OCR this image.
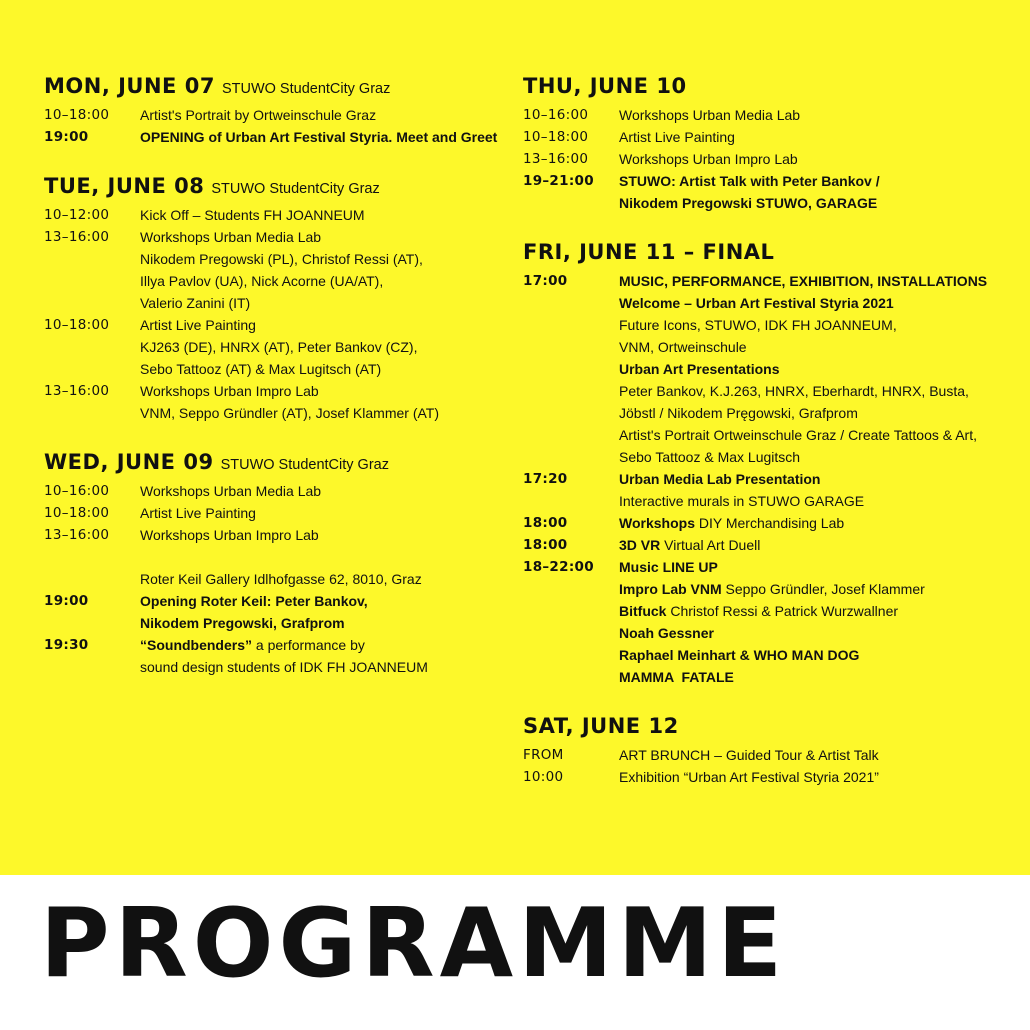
MON, JUNE 07 STUWO StudentCity Graz
10–18:00	Artist's Portrait by Ortweinschule Graz
19:00	OPENING of Urban Art Festival Styria. Meet and Greet
TUE, JUNE 08 STUWO StudentCity Graz
10–12:00	Kick Off – Students FH JOANNEUM
13–16:00	Workshops Urban Media Lab
Nikodem Pregowski (PL), Christof Ressi (AT),
Illya Pavlov (UA), Nick Acorne (UA/AT),
Valerio Zanini (IT)
10–18:00	Artist Live Painting
KJ263 (DE), HNRX (AT), Peter Bankov (CZ),
Sebo Tattooz (AT) & Max Lugitsch (AT)
13–16:00	Workshops Urban Impro Lab
VNM, Seppo Gründler (AT), Josef Klammer (AT)
WED, JUNE 09 STUWO StudentCity Graz
10–16:00	Workshops Urban Media Lab
10–18:00	Artist Live Painting
13–16:00	Workshops Urban Impro Lab
Roter Keil Gallery Idlhofgasse 62, 8010, Graz
19:00	Opening Roter Keil: Peter Bankov,
Nikodem Pregowski, Grafprom
19:30	“Soundbenders” a performance by
sound design students of IDK FH JOANNEUM
THU, JUNE 10
10–16:00	Workshops Urban Media Lab
10–18:00	Artist Live Painting
13–16:00	Workshops Urban Impro Lab
19–21:00	STUWO: Artist Talk with Peter Bankov /
Nikodem Pregowski STUWO, GARAGE
FRI, JUNE 11 – FINAL
17:00	MUSIC, PERFORMANCE, EXHIBITION, INSTALLATIONS
Welcome – Urban Art Festival Styria 2021
Future Icons, STUWO, IDK FH JOANNEUM,
VNM, Ortweinschule
Urban Art Presentations
Peter Bankov, K.J.263, HNRX, Eberhardt, HNRX, Busta,
Jöbstl / Nikodem Pręgowski, Grafprom
Artist's Portrait Ortweinschule Graz / Create Tattoos & Art,
Sebo Tattooz & Max Lugitsch
17:20	Urban Media Lab Presentation
Interactive murals in STUWO GARAGE
18:00	Workshops DIY Merchandising Lab
18:00	3D VR Virtual Art Duell
18–22:00	Music LINE UP
Impro Lab VNM Seppo Gründler, Josef Klammer
Bitfuck Christof Ressi & Patrick Wurzwallner
Noah Gessner
Raphael Meinhart & WHO MAN DOG
MAMMA  FATALE
SAT, JUNE 12
FROM	ART BRUNCH – Guided Tour & Artist Talk
10:00	Exhibition “Urban Art Festival Styria 2021”
PROGRAMME
